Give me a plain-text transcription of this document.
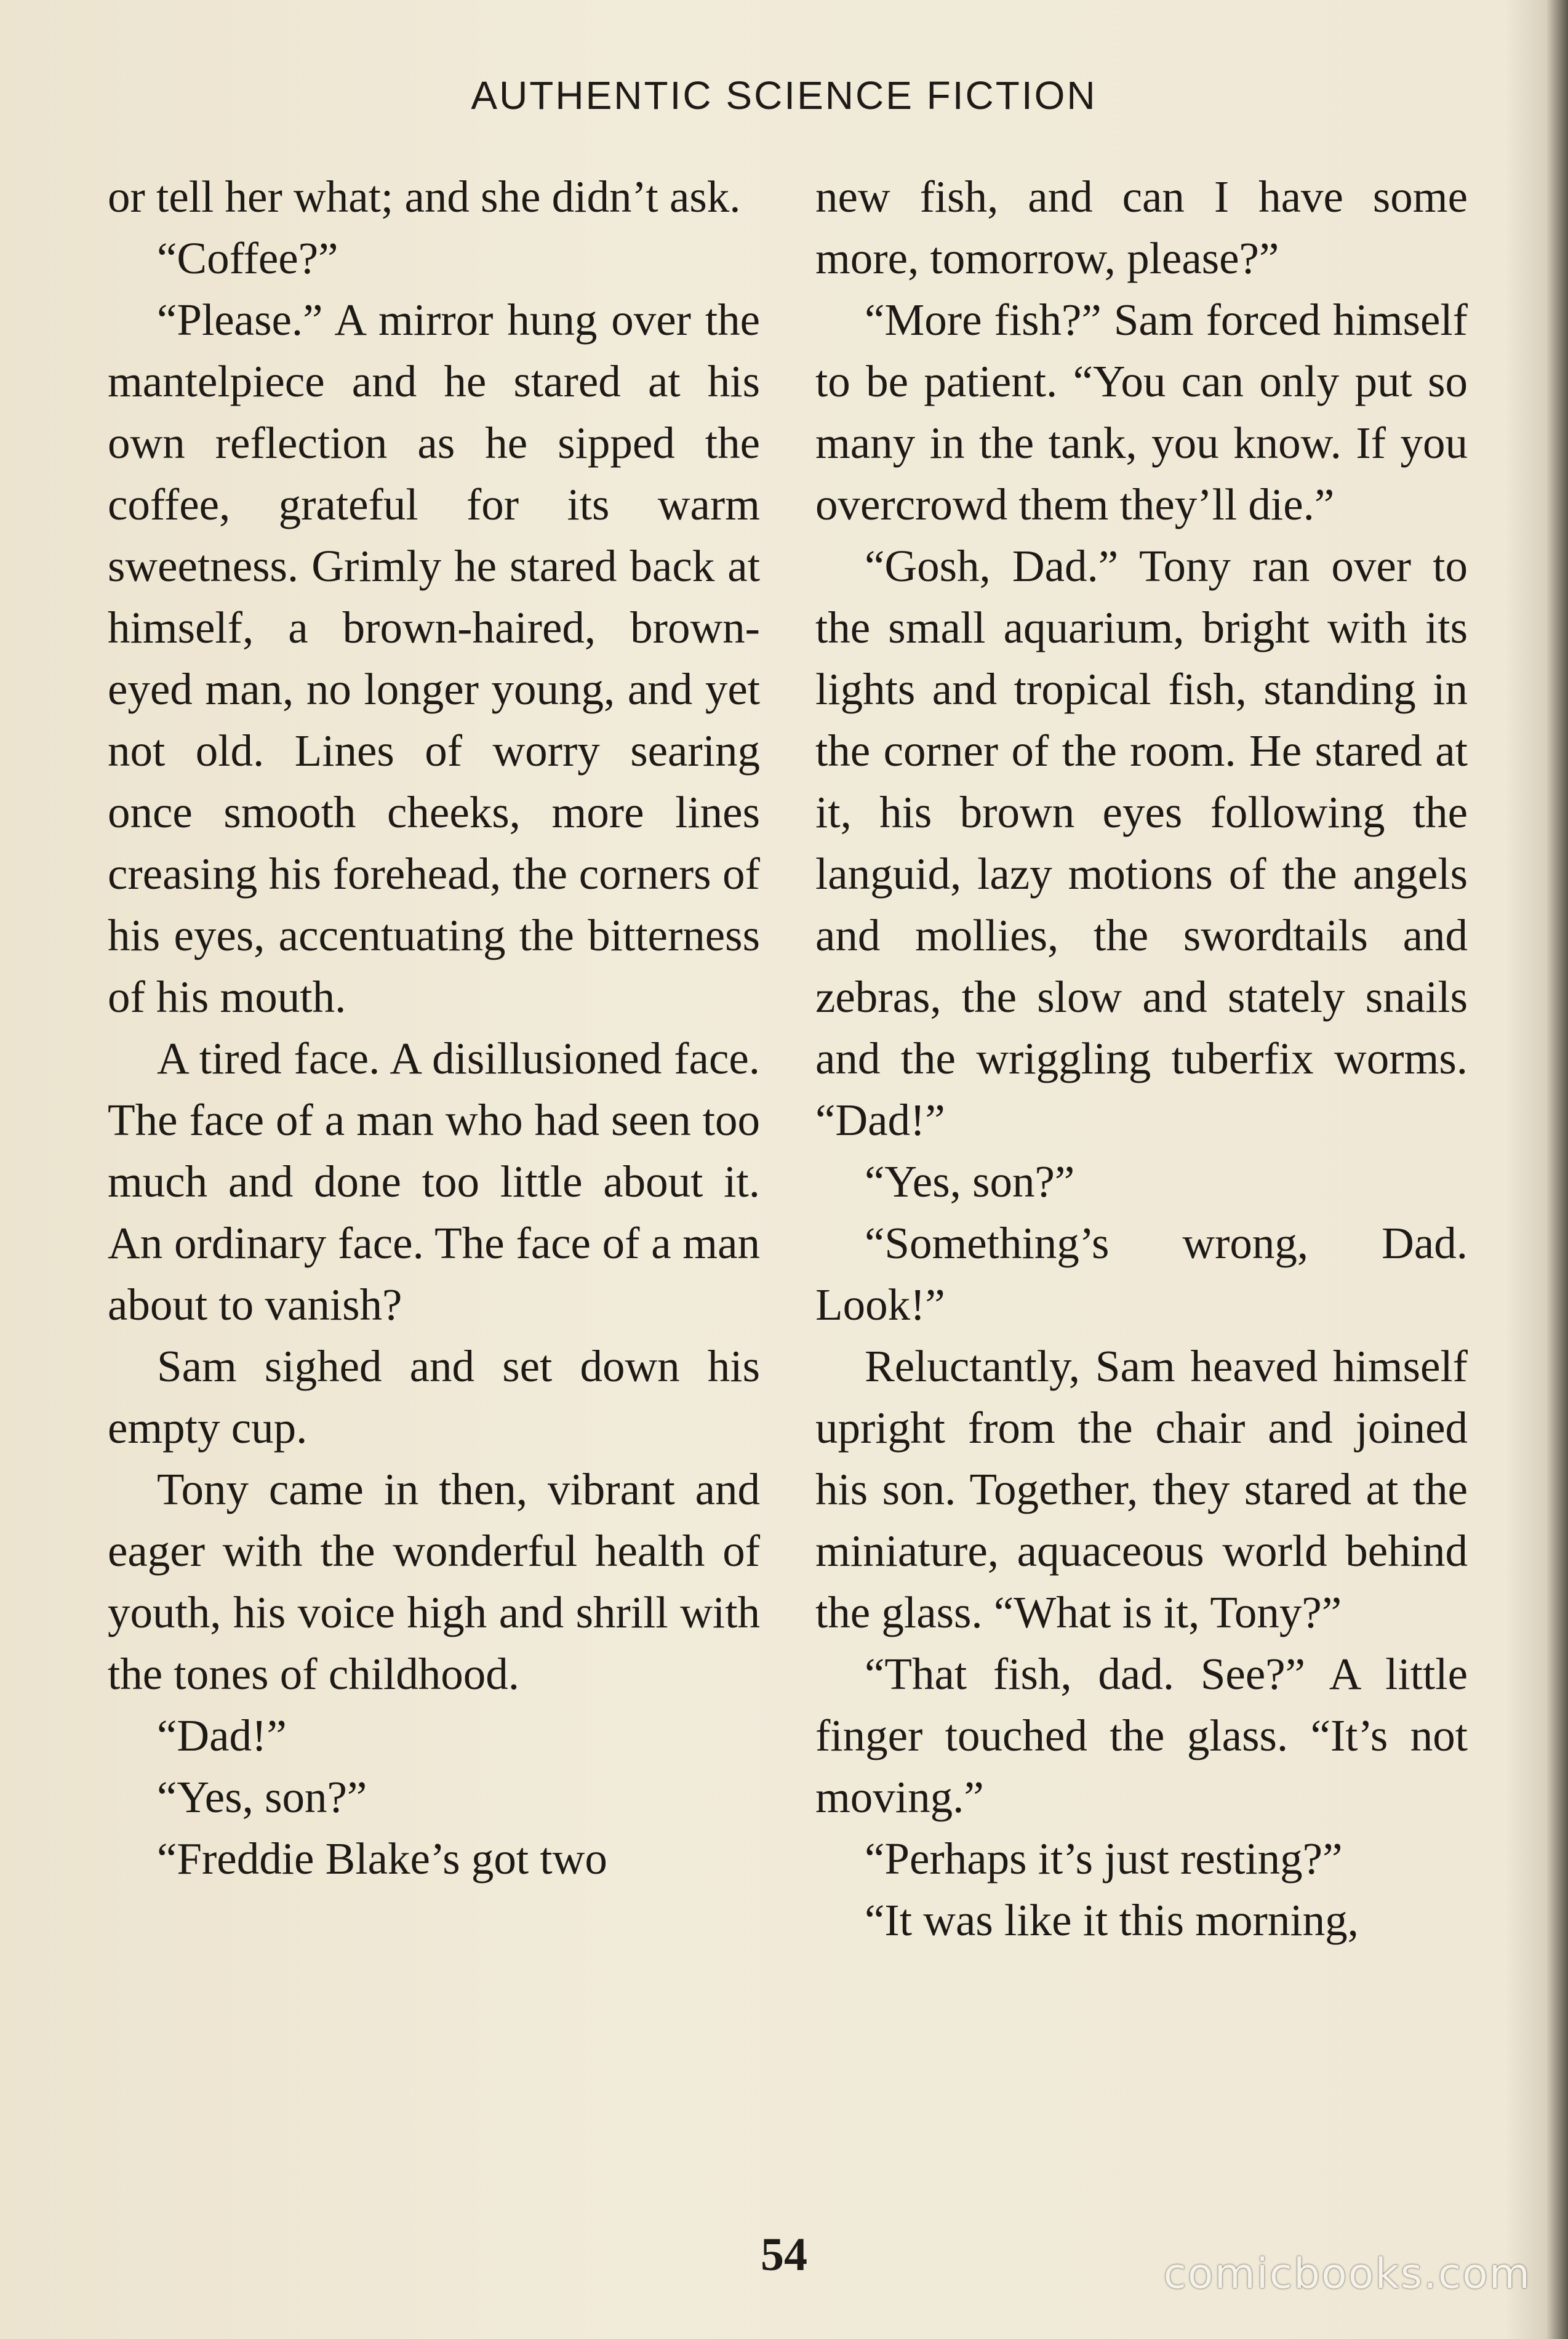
AUTHENTIC SCIENCE FICTION

or tell her what; and she didn’t ask.

“Coffee?”

“Please.” A mirror hung over the mantelpiece and he stared at his own reflection as he sipped the coffee, grateful for its warm sweetness. Grimly he stared back at himself, a brown-haired, brown-eyed man, no longer young, and yet not old. Lines of worry searing once smooth cheeks, more lines creasing his forehead, the corners of his eyes, accentuating the bitterness of his mouth.

A tired face. A disillusioned face. The face of a man who had seen too much and done too little about it. An ordinary face. The face of a man about to vanish?

Sam sighed and set down his empty cup.

Tony came in then, vibrant and eager with the wonderful health of youth, his voice high and shrill with the tones of childhood.

“Dad!”

“Yes, son?”

“Freddie Blake’s got two

new fish, and can I have some more, tomorrow, please?”

“More fish?” Sam forced himself to be patient. “You can only put so many in the tank, you know. If you overcrowd them they’ll die.”

“Gosh, Dad.” Tony ran over to the small aquarium, bright with its lights and tropical fish, standing in the corner of the room. He stared at it, his brown eyes following the languid, lazy motions of the angels and mollies, the swordtails and zebras, the slow and stately snails and the wriggling tuberfix worms. “Dad!”

“Yes, son?”

“Something’s wrong, Dad. Look!”

Reluctantly, Sam heaved himself upright from the chair and joined his son. Together, they stared at the miniature, aquaceous world behind the glass. “What is it, Tony?”

“That fish, dad. See?” A little finger touched the glass. “It’s not moving.”

“Perhaps it’s just resting?”

“It was like it this morning,

54	comicbooks.com
